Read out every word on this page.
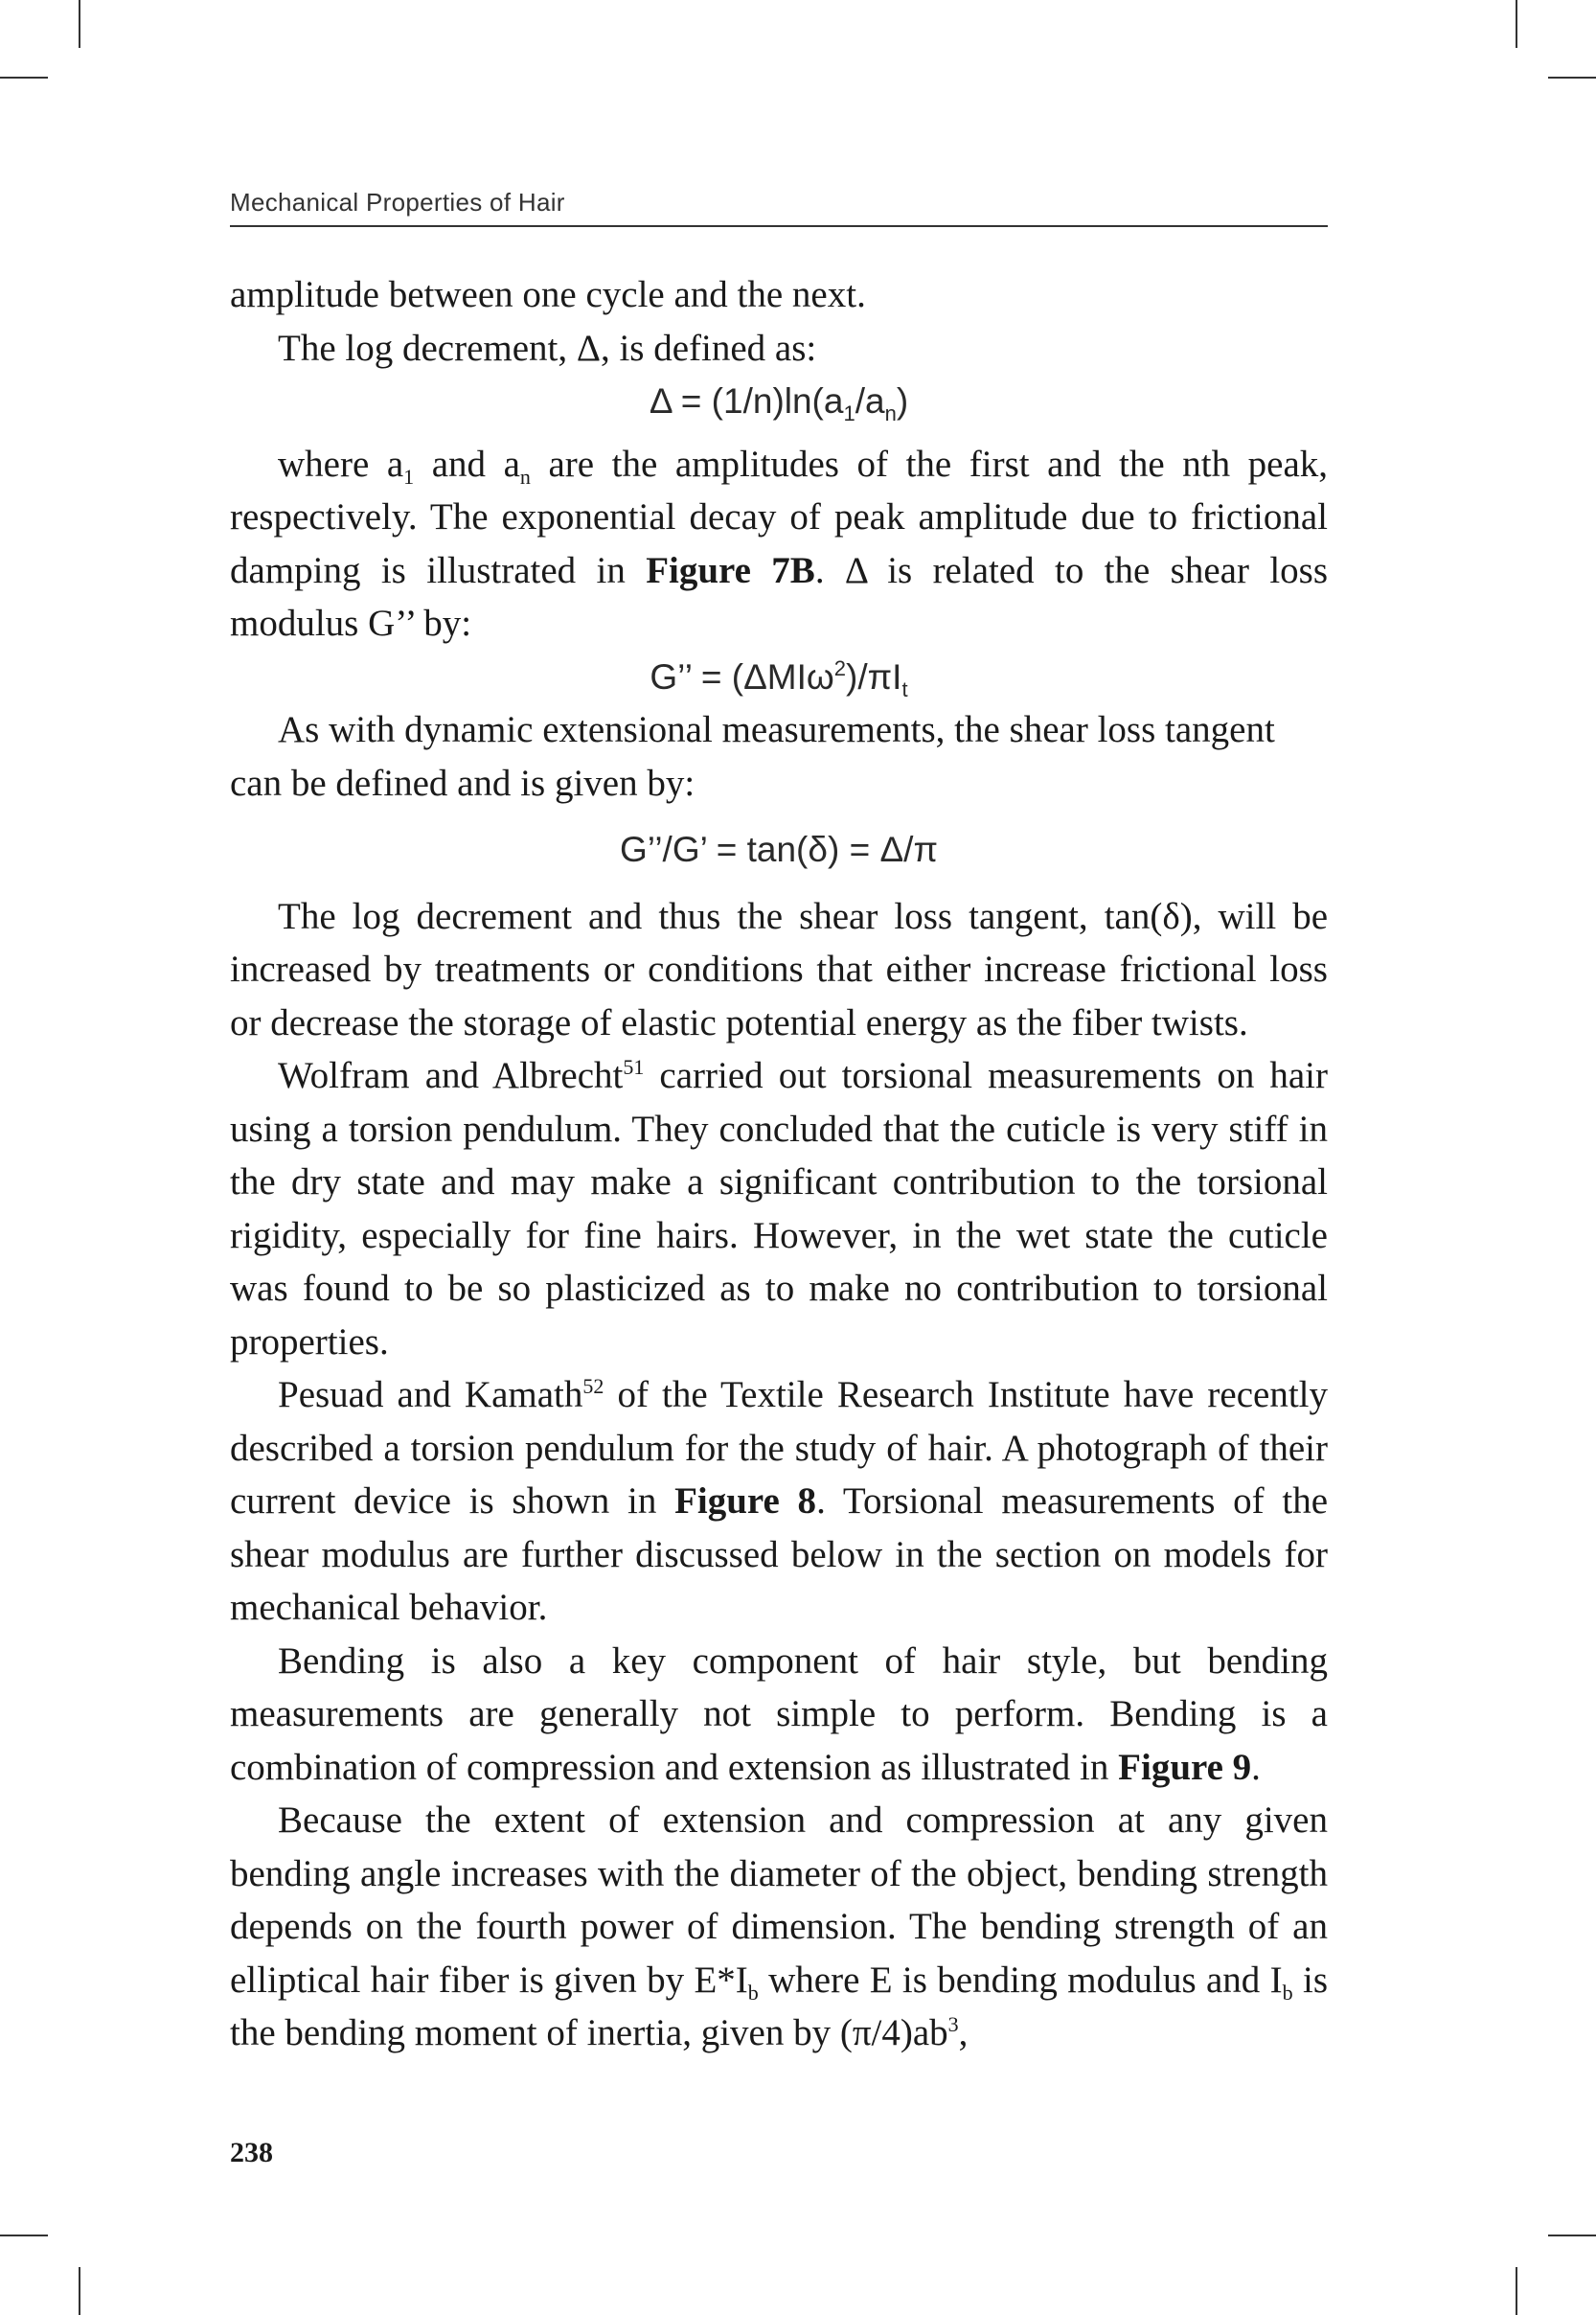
Mechanical Properties of Hair

amplitude between one cycle and the next.

The log decrement, Δ, is defined as:

$\Delta = (1/n)\ln(a_1/a_n)$

where $a_1$ and $a_n$ are the amplitudes of the first and the nth peak, respectively. The exponential decay of peak amplitude due to frictional damping is illustrated in Figure 7B. Δ is related to the shear loss modulus G’’ by:

G’’ = $(\Delta MI\omega^2)/\pi I_t$

As with dynamic extensional measurements, the shear loss tangent can be defined and is given by:

G’’/G’ = tan(δ) = Δ/π

The log decrement and thus the shear loss tangent, tan(δ), will be increased by treatments or conditions that either increase frictional loss or decrease the storage of elastic potential energy as the fiber twists.

Wolfram and Albrecht$^{51}$ carried out torsional measurements on hair using a torsion pendulum. They concluded that the cuticle is very stiff in the dry state and may make a significant contribution to the torsional rigidity, especially for fine hairs. However, in the wet state the cuticle was found to be so plasticized as to make no contribution to torsional properties.

Pesuad and Kamath$^{52}$ of the Textile Research Institute have recently described a torsion pendulum for the study of hair. A photograph of their current device is shown in Figure 8. Torsional measurements of the shear modulus are further discussed below in the section on models for mechanical behavior.

Bending is also a key component of hair style, but bending measurements are generally not simple to perform. Bending is a combination of compression and extension as illustrated in Figure 9.

Because the extent of extension and compression at any given bending angle increases with the diameter of the object, bending strength depends on the fourth power of dimension. The bending strength of an elliptical hair fiber is given by $E*I_b$ where E is bending modulus and $I_b$ is the bending moment of inertia, given by $(\pi/4)ab^3$,

238
